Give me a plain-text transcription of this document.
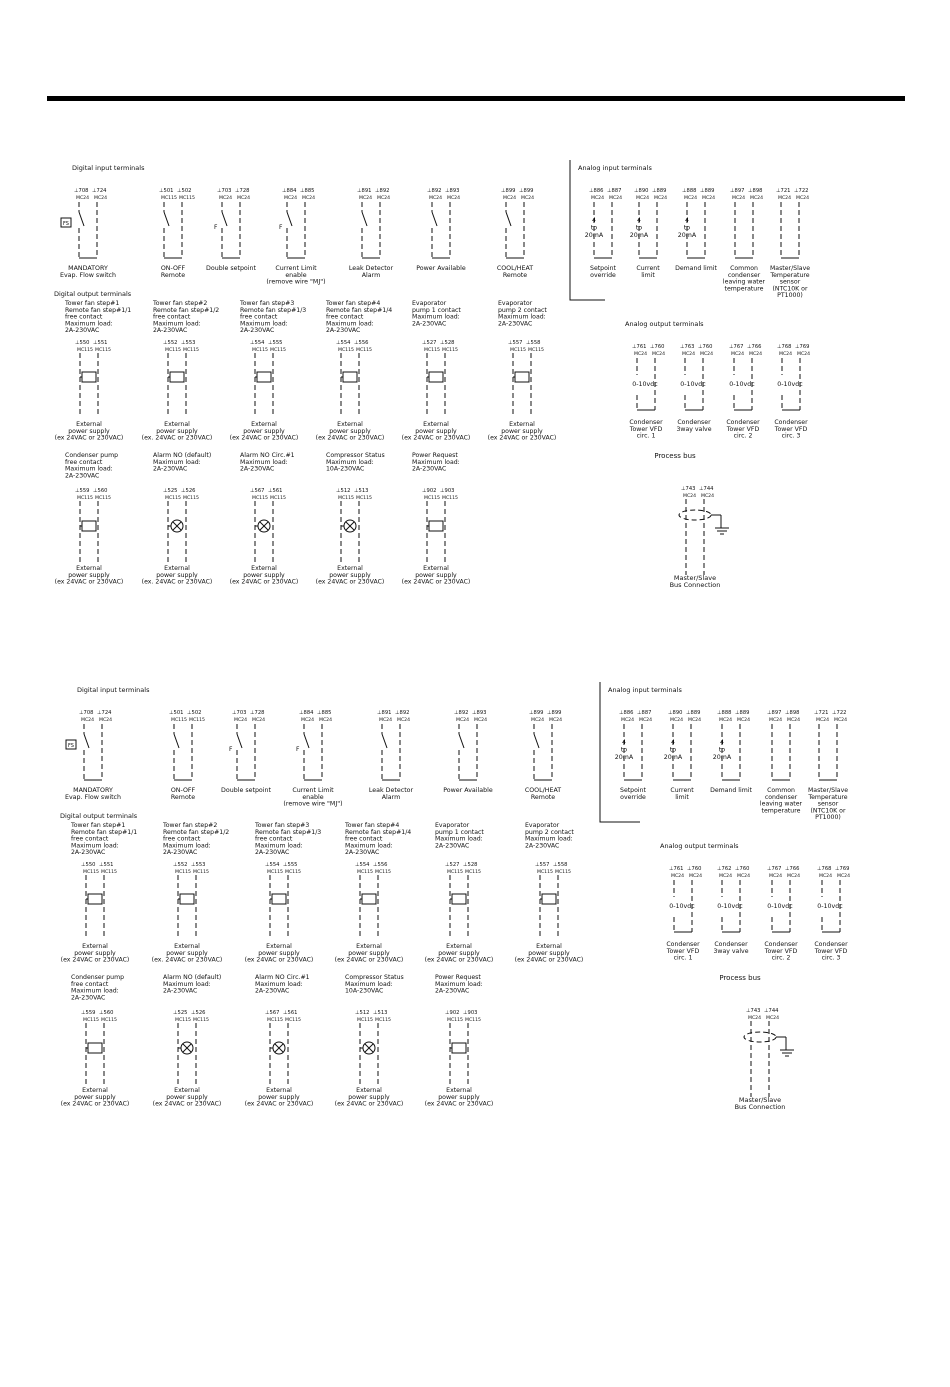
Digital input terminals
⊥708 ⊥724
MC24 MC24
FS
MANDATORY
Evap. Flow switch
⊥501 ⊥502
MC115 MC115
ON-OFF
Remote
⊥703 ⊥728
MC24 MC24
F
Double setpoint
⊥884 ⊥885
MC24 MC24
F
Current Limit
enable
(remove wire "MJ")
⊥891 ⊥892
MC24 MC24
Leak Detector
Alarm
⊥892 ⊥893
MC24 MC24
Power Available
⊥899 ⊥899
MC24 MC24
COOL/HEAT
Remote
Analog input terminals
⊥886 ⊥887
MC24 MC24
4
to
20mA
Setpoint
override
⊥890 ⊥889
MC24 MC24
4
to
20mA
Current
limit
⊥888 ⊥889
MC24 MC24
4
to
20mA
Demand limit
⊥897 ⊥898
MC24 MC24
Common
condenser
leaving water
temperature
⊥721 ⊥722
MC24 MC24
Master/Slave
Temperature
sensor
(NTC10K or
PT1000)
Digital output terminals
Tower fan step#1
Remote fan step#1/1
free contact
Maximum load:
2A-230VAC
⊥550 ⊥551
MC115 MC115
External
power supply
(ex 24VAC or 230VAC)
Tower fan step#2
Remote fan step#1/2
free contact
Maximum load:
2A-230VAC
⊥552 ⊥553
MC115 MC115
External
power supply
(ex. 24VAC or 230VAC)
Tower fan step#3
Remote fan step#1/3
free contact
Maximum load:
2A-230VAC
⊥554 ⊥555
MC115 MC115
External
power supply
(ex 24VAC or 230VAC)
Tower fan step#4
Remote fan step#1/4
free contact
Maximum load:
2A-230VAC
⊥554 ⊥556
MC115 MC115
External
power supply
(ex 24VAC or 230VAC)
Evaporator
pump 1 contact
Maximum load:
2A-230VAC
⊥527 ⊥528
MC115 MC115
External
power supply
(ex 24VAC or 230VAC)
Evaporator
pump 2 contact
Maximum load:
2A-230VAC
⊥557 ⊥558
MC115 MC115
External
power supply
(ex 24VAC or 230VAC)
Analog output terminals
⊥761 ⊥760
MC24 MC24
0-10vdc
Condenser
Tower VFD
circ. 1
⊥763 ⊥760
MC24 MC24
0-10vdc
Condenser
3way valve
⊥767 ⊥766
MC24 MC24
0-10vdc
Condenser
Tower VFD
circ. 2
⊥768 ⊥769
MC24 MC24
0-10vdc
Condenser
Tower VFD
circ. 3
Condenser pump
free contact
Maximum load:
2A-230VAC
⊥559 ⊥560
MC115 MC115
External
power supply
(ex 24VAC or 230VAC)
Alarm NO (default)
Maximum load:
2A-230VAC
⊥525 ⊥526
MC115 MC115
External
power supply
(ex. 24VAC or 230VAC)
Alarm NO Circ.#1
Maximum load:
2A-230VAC
⊥567 ⊥561
MC115 MC115
External
power supply
(ex 24VAC or 230VAC)
Compressor Status
Maximum load:
10A-230VAC
⊥512 ⊥513
MC115 MC115
External
power supply
(ex 24VAC or 230VAC)
Power Request
Maximum load:
2A-230VAC
⊥902 ⊥903
MC115 MC115
External
power supply
(ex 24VAC or 230VAC)
Process bus
⊥743 ⊥744
MC24 MC24
Master/Slave
Bus Connection
Digital input terminals
⊥708 ⊥724
MC24 MC24
FS
MANDATORY
Evap. Flow switch
⊥501 ⊥502
MC115 MC115
ON-OFF
Remote
⊥703 ⊥728
MC24 MC24
F
Double setpoint
⊥884 ⊥885
MC24 MC24
F
Current Limit
enable
(remove wire "MJ")
⊥891 ⊥892
MC24 MC24
Leak Detector
Alarm
⊥892 ⊥893
MC24 MC24
Power Available
⊥899 ⊥899
MC24 MC24
COOL/HEAT
Remote
Analog input terminals
⊥886 ⊥887
MC24 MC24
4
to
20mA
Setpoint
override
⊥890 ⊥889
MC24 MC24
4
to
20mA
Current
limit
⊥888 ⊥889
MC24 MC24
4
to
20mA
Demand limit
⊥897 ⊥898
MC24 MC24
Common
condenser
leaving water
temperature
⊥721 ⊥722
MC24 MC24
Master/Slave
Temperature
sensor
(NTC10K or
PT1000)
Digital output terminals
Tower fan step#1
Remote fan step#1/1
free contact
Maximum load:
2A-230VAC
⊥550 ⊥551
MC115 MC115
External
power supply
(ex 24VAC or 230VAC)
Tower fan step#2
Remote fan step#1/2
free contact
Maximum load:
2A-230VAC
⊥552 ⊥553
MC115 MC115
External
power supply
(ex. 24VAC or 230VAC)
Tower fan step#3
Remote fan step#1/3
free contact
Maximum load:
2A-230VAC
⊥554 ⊥555
MC115 MC115
External
power supply
(ex 24VAC or 230VAC)
Tower fan step#4
Remote fan step#1/4
free contact
Maximum load:
2A-230VAC
⊥554 ⊥556
MC115 MC115
External
power supply
(ex 24VAC or 230VAC)
Evaporator
pump 1 contact
Maximum load:
2A-230VAC
⊥527 ⊥528
MC115 MC115
External
power supply
(ex 24VAC or 230VAC)
Evaporator
pump 2 contact
Maximum load:
2A-230VAC
⊥557 ⊥558
MC115 MC115
External
power supply
(ex 24VAC or 230VAC)
Analog output terminals
⊥761 ⊥760
MC24 MC24
0-10vdc
Condenser
Tower VFD
circ. 1
⊥762 ⊥760
MC24 MC24
0-10vdc
Condenser
3way valve
⊥767 ⊥766
MC24 MC24
0-10vdc
Condenser
Tower VFD
circ. 2
⊥768 ⊥769
MC24 MC24
0-10vdc
Condenser
Tower VFD
circ. 3
Condenser pump
free contact
Maximum load:
2A-230VAC
⊥559 ⊥560
MC115 MC115
External
power supply
(ex 24VAC or 230VAC)
Alarm NO (default)
Maximum load:
2A-230VAC
⊥525 ⊥526
MC115 MC115
External
power supply
(ex 24VAC or 230VAC)
Alarm NO Circ.#1
Maximum load:
2A-230VAC
⊥567 ⊥561
MC115 MC115
External
power supply
(ex 24VAC or 230VAC)
Compressor Status
Maximum load:
10A-230VAC
⊥512 ⊥513
MC115 MC115
External
power supply
(ex 24VAC or 230VAC)
Power Request
Maximum load:
2A-230VAC
⊥902 ⊥903
MC115 MC115
External
power supply
(ex 24VAC or 230VAC)
Process bus
⊥743 ⊥744
MC24 MC24
Master/Slave
Bus Connection
